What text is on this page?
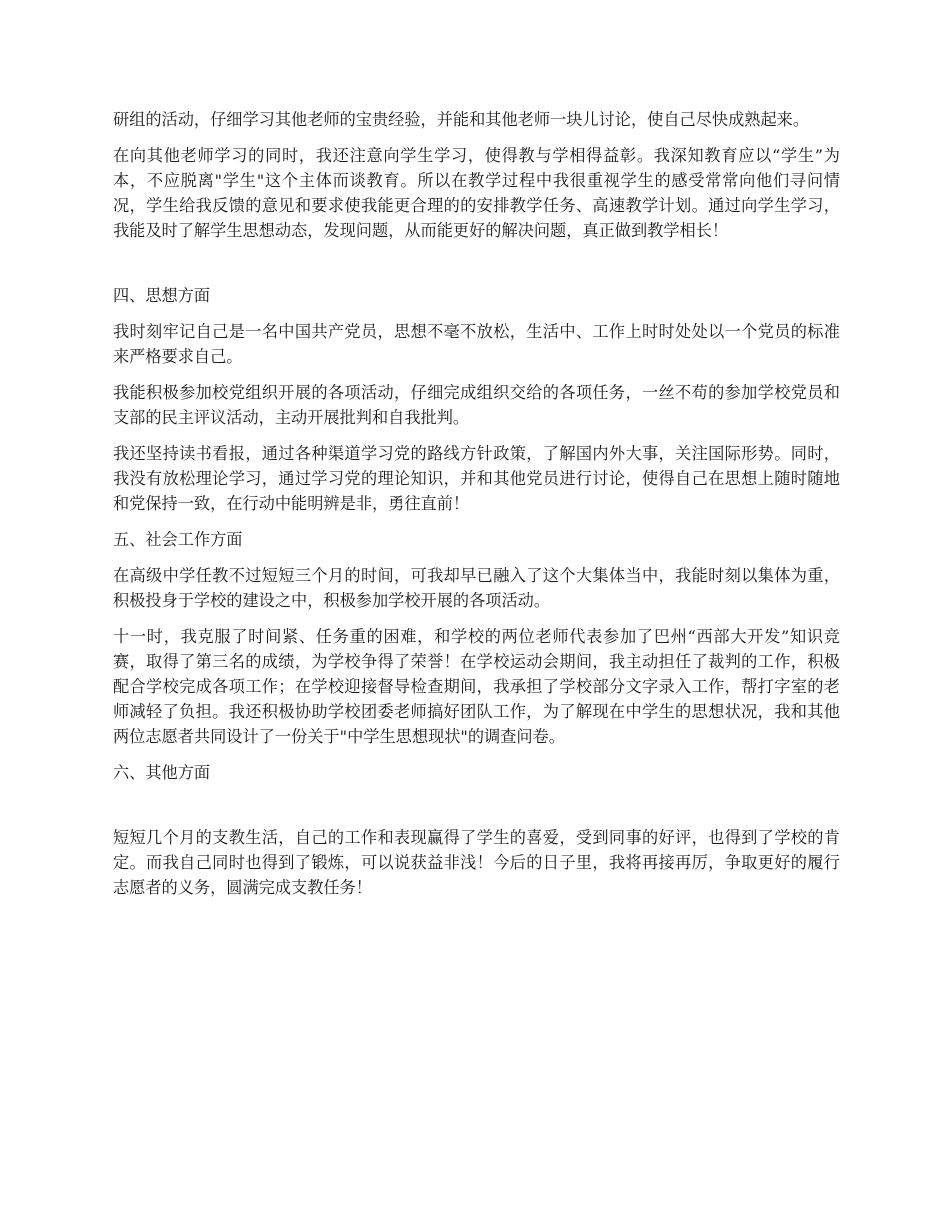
研组的活动，仔细学习其他老师的宝贵经验，并能和其他老师一块儿讨论，使自己尽快成熟起来。

在向其他老师学习的同时，我还注意向学生学习，使得教与学相得益彰。我深知教育应以“学生”为本，不应脱离"学生"这个主体而谈教育。所以在教学过程中我很重视学生的感受常常向他们寻问情况，学生给我反馈的意见和要求使我能更合理的的安排教学任务、高速教学计划。通过向学生学习，我能及时了解学生思想动态，发现问题，从而能更好的解决问题，真正做到教学相长！

四、思想方面

我时刻牢记自己是一名中国共产党员，思想不毫不放松，生活中、工作上时时处处以一个党员的标准来严格要求自己。

我能积极参加校党组织开展的各项活动，仔细完成组织交给的各项任务，一丝不苟的参加学校党员和支部的民主评议活动，主动开展批判和自我批判。

我还坚持读书看报，通过各种渠道学习党的路线方针政策，了解国内外大事，关注国际形势。同时，我没有放松理论学习，通过学习党的理论知识，并和其他党员进行讨论，使得自己在思想上随时随地和党保持一致，在行动中能明辨是非，勇往直前！

五、社会工作方面

在高级中学任教不过短短三个月的时间，可我却早已融入了这个大集体当中，我能时刻以集体为重，积极投身于学校的建设之中，积极参加学校开展的各项活动。

十一时，我克服了时间紧、任务重的困难，和学校的两位老师代表参加了巴州“西部大开发”知识竞赛，取得了第三名的成绩，为学校争得了荣誉！在学校运动会期间，我主动担任了裁判的工作，积极配合学校完成各项工作；在学校迎接督导检查期间，我承担了学校部分文字录入工作，帮打字室的老师减轻了负担。我还积极协助学校团委老师搞好团队工作，为了解现在中学生的思想状况，我和其他两位志愿者共同设计了一份关于"中学生思想现状"的调查问卷。

六、其他方面

短短几个月的支教生活，自己的工作和表现赢得了学生的喜爱，受到同事的好评，也得到了学校的肯定。而我自己同时也得到了锻炼，可以说获益非浅！今后的日子里，我将再接再厉，争取更好的履行志愿者的义务，圆满完成支教任务！
